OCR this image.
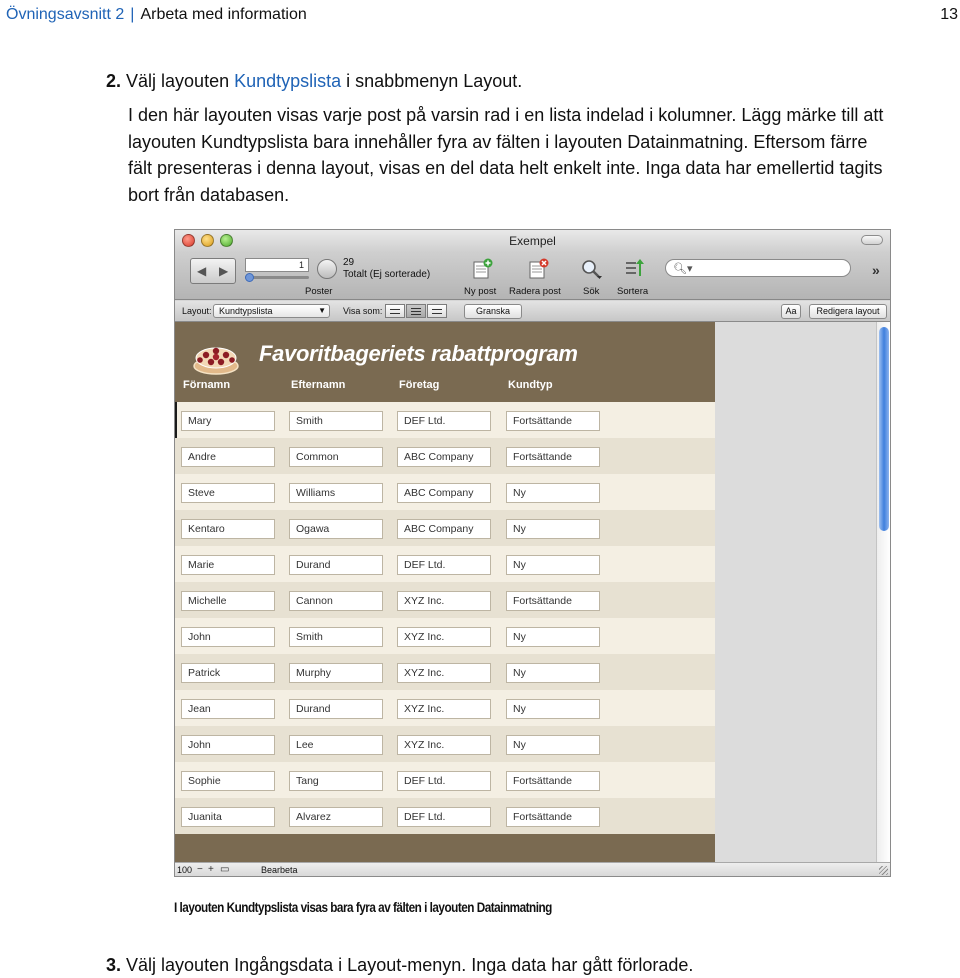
Övningsavsnitt 2 | Arbeta med information	13
2. Välj layouten Kundtypslista i snabbmenyn Layout.
I den här layouten visas varje post på varsin rad i en lista indelad i kolumner. Lägg märke till att
layouten Kundtypslista bara innehåller fyra av fälten i layouten Datainmatning. Eftersom färre
fält presenteras i denna layout, visas en del data helt enkelt inte. Inga data har emellertid tagits
bort från databasen.
Exempel
◀ ▶	1	29
Totalt (Ej sorterade)
Poster	Ny post Radera post Sök Sortera
🔍︎▾	»
Layout: Kundtypslista	▼ Visa som:	Granska	Aa	Redigera layout
Favoritbageriets rabattprogram
Förnamn	Efternamn	Företag	Kundtyp
Mary	Smith	DEF Ltd.	Fortsättande
Andre	Common	ABC Company	Fortsättande
Steve	Williams	ABC Company	Ny
Kentaro	Ogawa	ABC Company	Ny
Marie	Durand	DEF Ltd.	Ny
Michelle	Cannon	XYZ Inc.	Fortsättande
John	Smith	XYZ Inc.	Ny
Patrick	Murphy	XYZ Inc.	Ny
Jean	Durand	XYZ Inc.	Ny
John	Lee	XYZ Inc.	Ny
Sophie	Tang	DEF Ltd.	Fortsättande
Juanita	Alvarez	DEF Ltd.	Fortsättande
100 − + ▭	Bearbeta
I layouten Kundtypslista visas bara fyra av fälten i layouten Datainmatning
3. Välj layouten Ingångsdata i Layout-menyn. Inga data har gått förlorade.
